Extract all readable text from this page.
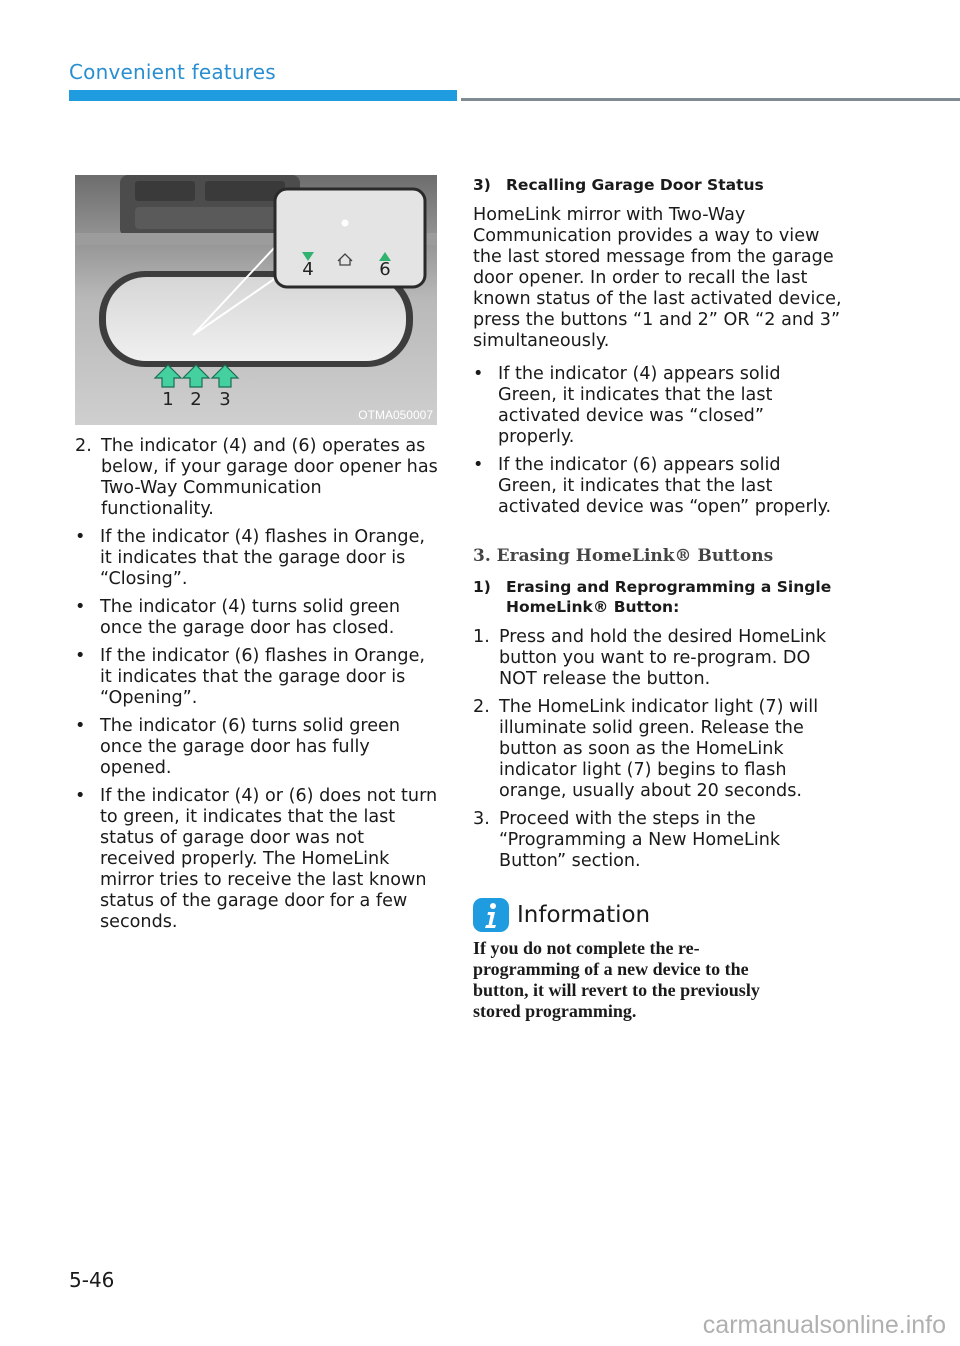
Convenient features
4	6
1 2 3
OTMA050007
2. The indicator (4) and (6) operates as below, if your garage door opener has Two-Way Communication functionality.
• If the indicator (4) flashes in Orange, it indicates that the garage door is “Closing”.
• The indicator (4) turns solid green once the garage door has closed.
• If the indicator (6) flashes in Orange, it indicates that the garage door is “Opening”.
• The indicator (6) turns solid green once the garage door has fully opened.
• If the indicator (4) or (6) does not turn to green, it indicates that the last status of garage door was not received properly. The HomeLink mirror tries to receive the last known status of the garage door for a few seconds.
3) Recalling Garage Door Status
HomeLink mirror with Two-Way Communication provides a way to view the last stored message from the garage door opener. In order to recall the last known status of the last activated device, press the buttons “1 and 2” OR “2 and 3” simultaneously.
• If the indicator (4) appears solid Green, it indicates that the last activated device was “closed” properly.
• If the indicator (6) appears solid Green, it indicates that the last activated device was “open” properly.
3. Erasing HomeLink® Buttons
1) Erasing and Reprogramming a Single HomeLink® Button:
1. Press and hold the desired HomeLink button you want to re-program. DO NOT release the button.
2. The HomeLink indicator light (7) will illuminate solid green. Release the button as soon as the HomeLink indicator light (7) begins to flash orange, usually about 20 seconds.
3. Proceed with the steps in the “Programming a New HomeLink Button” section.
Information
If you do not complete the re-programming of a new device to the button, it will revert to the previously stored programming.
5-46
carmanualsonline.info
